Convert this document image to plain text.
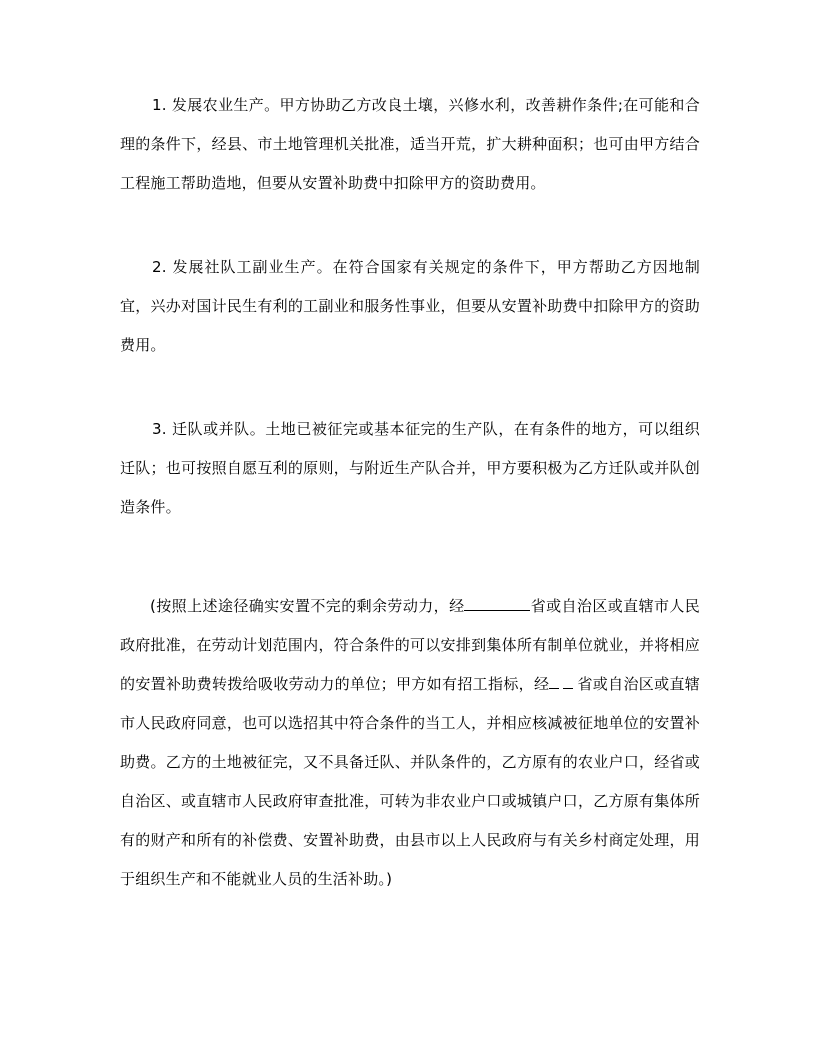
1. 发展农业生产。甲方协助乙方改良土壤，兴修水利，改善耕作条件;在可能和合理的条件下，经县、市土地管理机关批准，适当开荒，扩大耕种面积；也可由甲方结合工程施工帮助造地，但要从安置补助费中扣除甲方的资助费用。

2. 发展社队工副业生产。在符合国家有关规定的条件下，甲方帮助乙方因地制宜，兴办对国计民生有利的工副业和服务性事业，但要从安置补助费中扣除甲方的资助费用。

3. 迁队或并队。土地已被征完或基本征完的生产队，在有条件的地方，可以组织迁队；也可按照自愿互利的原则，与附近生产队合并，甲方要积极为乙方迁队或并队创造条件。

(按照上述途径确实安置不完的剩余劳动力，经	省或自治区或直辖市人民政府批准，在劳动计划范围内，符合条件的可以安排到集体所有制单位就业，并将相应的安置补助费转拨给吸收劳动力的单位；甲方如有招工指标，经 省或自治区或直辖市人民政府同意，也可以选招其中符合条件的当工人，并相应核减被征地单位的安置补助费。乙方的土地被征完，又不具备迁队、并队条件的，乙方原有的农业户口，经省或自治区、或直辖市人民政府审查批准，可转为非农业户口或城镇户口，乙方原有集体所有的财产和所有的补偿费、安置补助费，由县市以上人民政府与有关乡村商定处理，用于组织生产和不能就业人员的生活补助。)
